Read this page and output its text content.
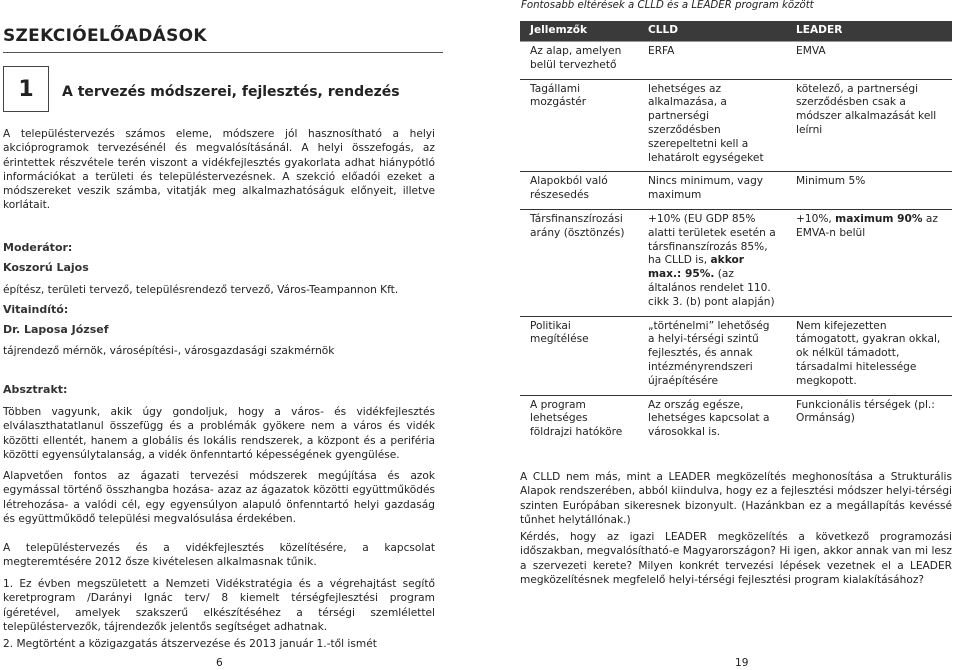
SZEKCIÓELŐADÁSOK
1	A tervezés módszerei, fejlesztés, rendezés

A településtervezés számos eleme, módszere jól hasznosítható a helyi akcióprogramok tervezésénél és megvalósításánál. A helyi összefogás, az érintettek részvétele terén viszont a vidékfejlesztés gyakorlata adhat hiánypótló információkat a területi és településtervezésnek. A szekció előadói ezeket a módszereket veszik számba, vitatják meg alkalmazhatóságuk előnyeit, illetve korlátait.

Moderátor:
Koszorú Lajos
építész, területi tervező, településrendező tervező, Város-Teampannon Kft.
Vitaindító:
Dr. Laposa József
tájrendező mérnök, városépítési-, városgazdasági szakmérnök
Absztrakt:

Többen vagyunk, akik úgy gondoljuk, hogy a város- és vidékfejlesztés elválaszthatatlanul összefügg és a problémák gyökere nem a város és vidék közötti ellentét, hanem a globális és lokális rendszerek, a központ és a periféria közötti egyensúlytalanság, a vidék önfenntartó képességének gyengülése.

Alapvetően fontos az ágazati tervezési módszerek megújítása és azok egymással történő összhangba hozása- azaz az ágazatok közötti együttműködés létrehozása- a valódi cél, egy egyensúlyon alapuló önfenntartó helyi gazdaság és együttműködő települési megvalósulása érdekében.

A településtervezés és a vidékfejlesztés közelítésére, a kapcsolat megteremtésére 2012 ősze kivételesen alkalmasnak tűnik.

1. Ez évben megszületett a Nemzeti Vidékstratégia és a végrehajtást segítő keretprogram /Darányi Ignác terv/ 8 kiemelt térségfejlesztési program ígéretével, amelyek szakszerű elkészítéséhez a térségi szemlélettel településtervezők, tájrendezők jelentős segítséget adhatnak.

2. Megtörtént a közigazgatás átszervezése és 2013 január 1.-től ismét

6
Fontosabb eltérések a CLLD és a LEADER program között
Jellemzők	CLLD	LEADER
Az alap, amelyen belül tervezhető	ERFA	EMVA
Tagállami mozgástér	lehetséges az alkalmazása, a partnerségi szerződésben szerepeltetni kell a lehatárolt egységeket	kötelező, a partnerségi szerződésben csak a módszer alkalmazását kell leírni
Alapokból való részesedés	Nincs minimum, vagy maximum	Minimum 5%
Társfinanszírozási arány (ösztönzés)	+10% (EU GDP 85% alatti területek esetén a társfinanszírozás 85%, ha CLLD is, akkor max.: 95%. (az általános rendelet 110. cikk 3. (b) pont alapján)	+10%, maximum 90% az EMVA-n belül
Politikai megítélése	„történelmi” lehetőség a helyi-térségi szintű fejlesztés, és annak intézményrendszeri újraépítésére	Nem kifejezetten támogatott, gyakran okkal, ok nélkül támadott, társadalmi hitelessége megkopott.
A program lehetséges földrajzi hatóköre	Az ország egésze, lehetséges kapcsolat a városokkal is.	Funkcionális térségek (pl.: Ormánság)

A CLLD nem más, mint a LEADER megközelítés meghonosítása a Strukturális Alapok rendszerében, abból kiindulva, hogy ez a fejlesztési módszer helyi-térségi szinten Európában sikeresnek bizonyult. (Hazánkban ez a megállapítás kevéssé tűnhet helytállónak.)

Kérdés, hogy az igazi LEADER megközelítés a következő programozási időszakban, megvalósítható-e Magyarországon? Hi igen, akkor annak van mi lesz a szervezeti kerete? Milyen konkrét tervezési lépések vezetnek el a LEADER megközelítésnek megfelelő helyi-térségi fejlesztési program kialakításához?

19
